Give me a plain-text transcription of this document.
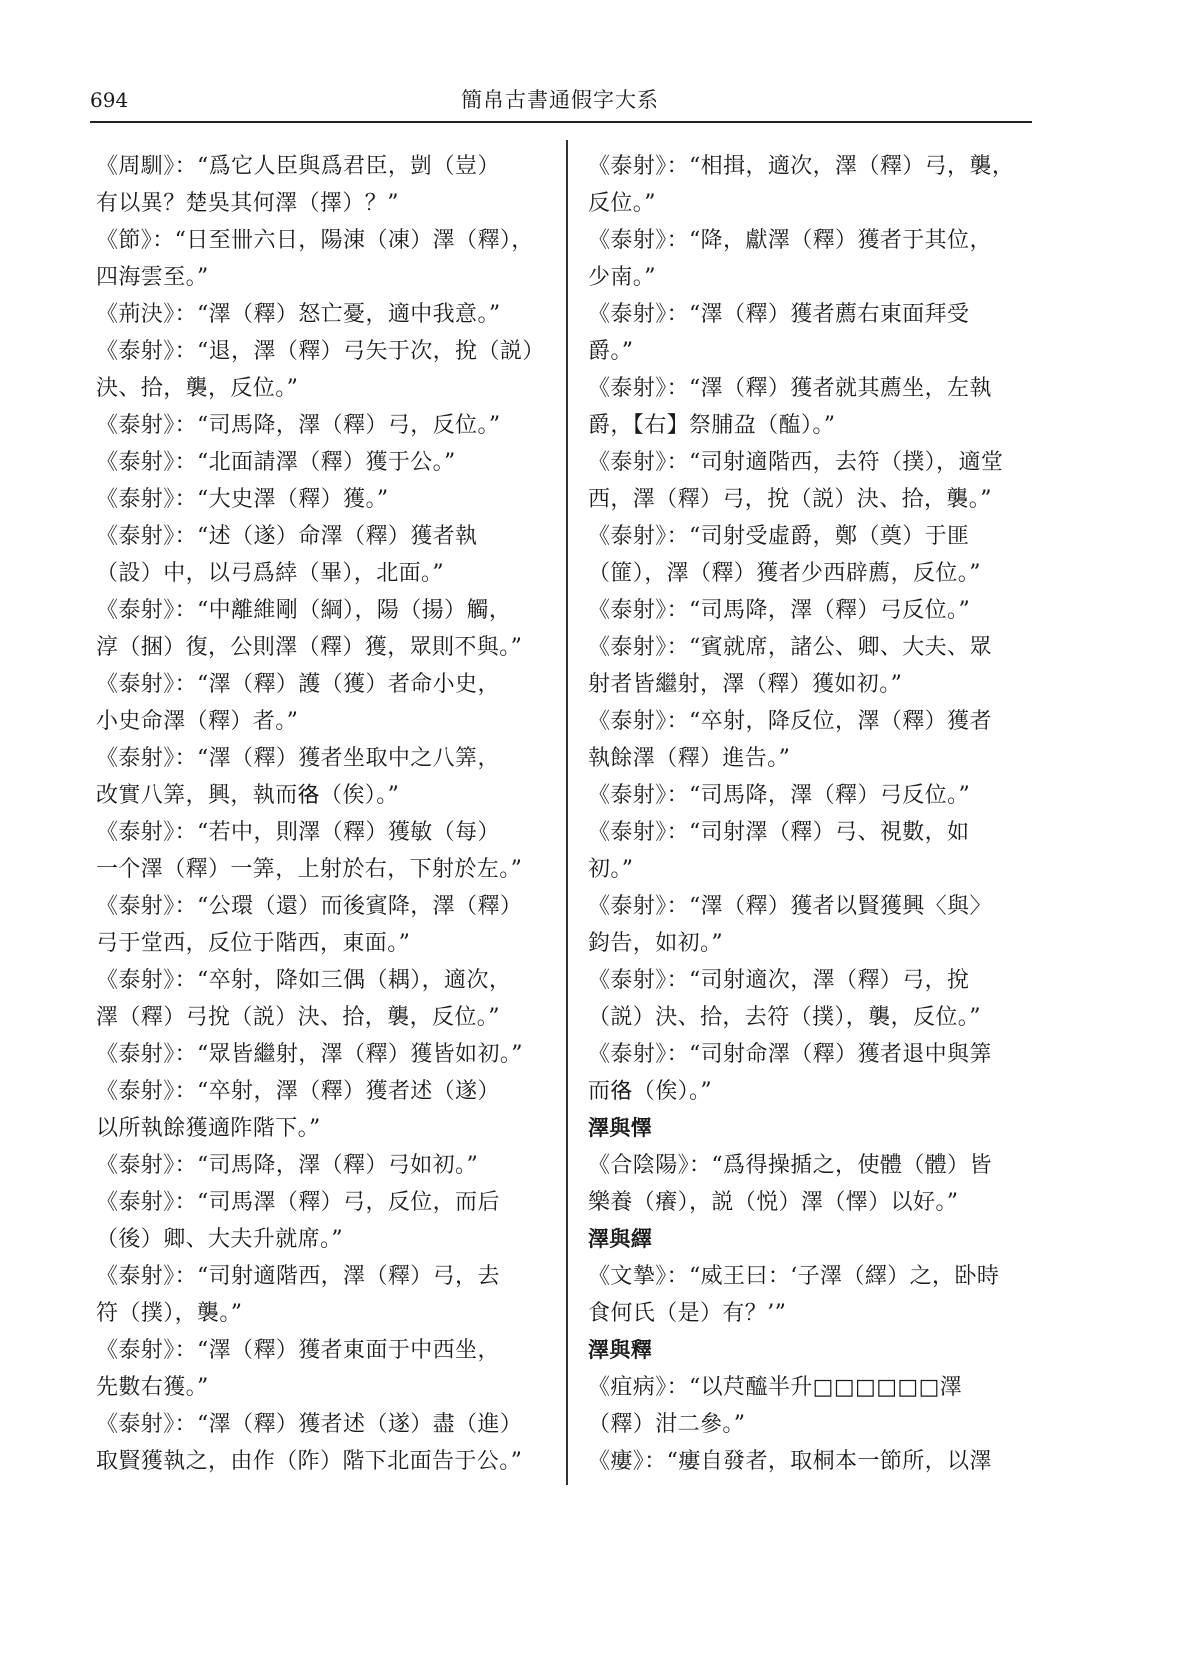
694	簡帛古書通假字大系
《周馴》：“爲它人臣與爲君臣，剴（豈）
有以異？楚吳其何澤（擇）？”
《節》：“日至卌六日，陽涷（凍）澤（釋），
四海雲至。”
《荊決》：“澤（釋）怒亡憂，適中我意。”
《泰射》：“退，澤（釋）弓矢于次，挩（説）
決、拾，襲，反位。”
《泰射》：“司馬降，澤（釋）弓，反位。”
《泰射》：“北面請澤（釋）獲于公。”
《泰射》：“大史澤（釋）獲。”
《泰射》：“述（遂）命澤（釋）獲者執
（設）中，以弓爲緈（畢），北面。”
《泰射》：“中離維剛（綱），陽（揚）觸，
淳（捆）復，公則澤（釋）獲，眾則不與。”
《泰射》：“澤（釋）護（獲）者命小史，
小史命澤（釋）者。”
《泰射》：“澤（釋）獲者坐取中之八筭，
改實八筭，興，執而𢓜（俟）。”
《泰射》：“若中，則澤（釋）獲敏（每）
一个澤（釋）一筭，上射於右，下射於左。”
《泰射》：“公環（還）而後賓降，澤（釋）
弓于堂西，反位于階西，東面。”
《泰射》：“卒射，降如三偶（耦），適次，
澤（釋）弓挩（説）決、拾，襲，反位。”
《泰射》：“眾皆繼射，澤（釋）獲皆如初。”
《泰射》：“卒射，澤（釋）獲者述（遂）
以所執餘獲適阼階下。”
《泰射》：“司馬降，澤（釋）弓如初。”
《泰射》：“司馬澤（釋）弓，反位，而后
（後）卿、大夫升就席。”
《泰射》：“司射適階西，澤（釋）弓，去
符（撲），襲。”
《泰射》：“澤（釋）獲者東面于中西坐，
先數右獲。”
《泰射》：“澤（釋）獲者述（遂）盡（進）
取賢獲執之，由作（阼）階下北面告于公。”
《泰射》：“相揖，適次，澤（釋）弓，襲，
反位。”
《泰射》：“降，獻澤（釋）獲者于其位，
少南。”
《泰射》：“澤（釋）獲者薦右東面拜受
爵。”
《泰射》：“澤（釋）獲者就其薦坐，左執
爵，【右】祭脯盁（醢）。”
《泰射》：“司射適階西，去符（撲），適堂
西，澤（釋）弓，挩（説）決、拾，襲。”
《泰射》：“司射受虛爵，鄭（奠）于匪
（篚），澤（釋）獲者少西辟薦，反位。”
《泰射》：“司馬降，澤（釋）弓反位。”
《泰射》：“賓就席，諸公、卿、大夫、眾
射者皆繼射，澤（釋）獲如初。”
《泰射》：“卒射，降反位，澤（釋）獲者
執餘澤（釋）進告。”
《泰射》：“司馬降，澤（釋）弓反位。”
《泰射》：“司射澤（釋）弓、視數，如
初。”
《泰射》：“澤（釋）獲者以賢獲興〈與〉
鈞告，如初。”
《泰射》：“司射適次，澤（釋）弓，挩
（説）決、拾，去符（撲），襲，反位。”
《泰射》：“司射命澤（釋）獲者退中與筭
而𢓜（俟）。”
澤與懌
《合陰陽》：“爲得操揗之，使體（體）皆
樂養（癢），説（悦）澤（懌）以好。”
澤與繹
《文摯》：“威王曰：‘子澤（繹）之，卧時
食何氏（是）有？’”
澤與釋
《疽病》：“以𦬨醯半升□□□□□□澤
（釋）泔二參。”
《瘻》：“瘻自發者，取桐本一節所，以澤
